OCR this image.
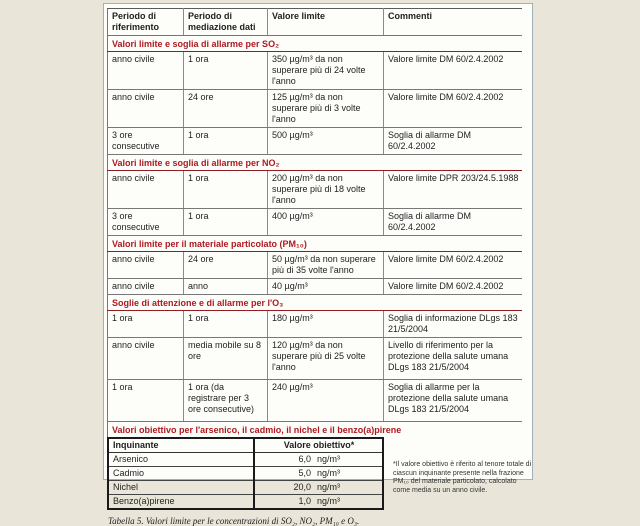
Periodo di riferimento	Periodo di mediazione dati	Valore limite	Commenti
Valori limite e soglia di allarme per SO₂			
anno civile	1 ora	350 µg/m³ da non superare più di 24 volte l'anno	Valore limite DM 60/2.4.2002
anno civile	24 ore	125 µg/m³ da non superare più di 3 volte l'anno	Valore limite DM 60/2.4.2002
3 ore consecutive	1 ora	500 µg/m³	Soglia di allarme DM 60/2.4.2002
Valori limite e soglia di allarme per NO₂			
anno civile	1 ora	200 µg/m³ da non superare più di 18 volte l'anno	Valore limite DPR 203/24.5.1988
3 ore consecutive	1 ora	400 µg/m³	Soglia di allarme DM 60/2.4.2002
Valori limite per il materiale particolato (PM₁₀)			
anno civile	24 ore	50 µg/m³ da non superare più di 35 volte l'anno	Valore limite DM 60/2.4.2002
anno civile	anno	40 µg/m³	Valore limite DM 60/2.4.2002
Soglie di attenzione e di allarme per l'O₃			
1 ora	1 ora	180 µg/m³	Soglia di informazione DLgs 183 21/5/2004
anno civile	media mobile su 8 ore	120 µg/m³ da non superare più di 25 volte l'anno	Livello di riferimento per la protezione della salute umana DLgs 183 21/5/2004
1 ora	1 ora (da registrare per 3 ore consecutive)	240 µg/m³	Soglia di allarme per la protezione della salute umana DLgs 183 21/5/2004
Valori obiettivo per l'arsenico, il cadmio, il nichel e il benzo(a)pirene			
Inquinante	Valore obiettivo*
Arsenico	6,0 ng/m³
Cadmio	5,0 ng/m³
Nichel	20,0 ng/m³
Benzo(a)pirene	1,0 ng/m³
*Il valore obiettivo è riferito al tenore totale di ciascun inquinante presente nella frazione PM₁₀ del materiale particolato, calcolato come media su un anno civile.
Tabella 5. Valori limite per le concentrazioni di SO₂, NO₂, PM₁₀ e O₃.
